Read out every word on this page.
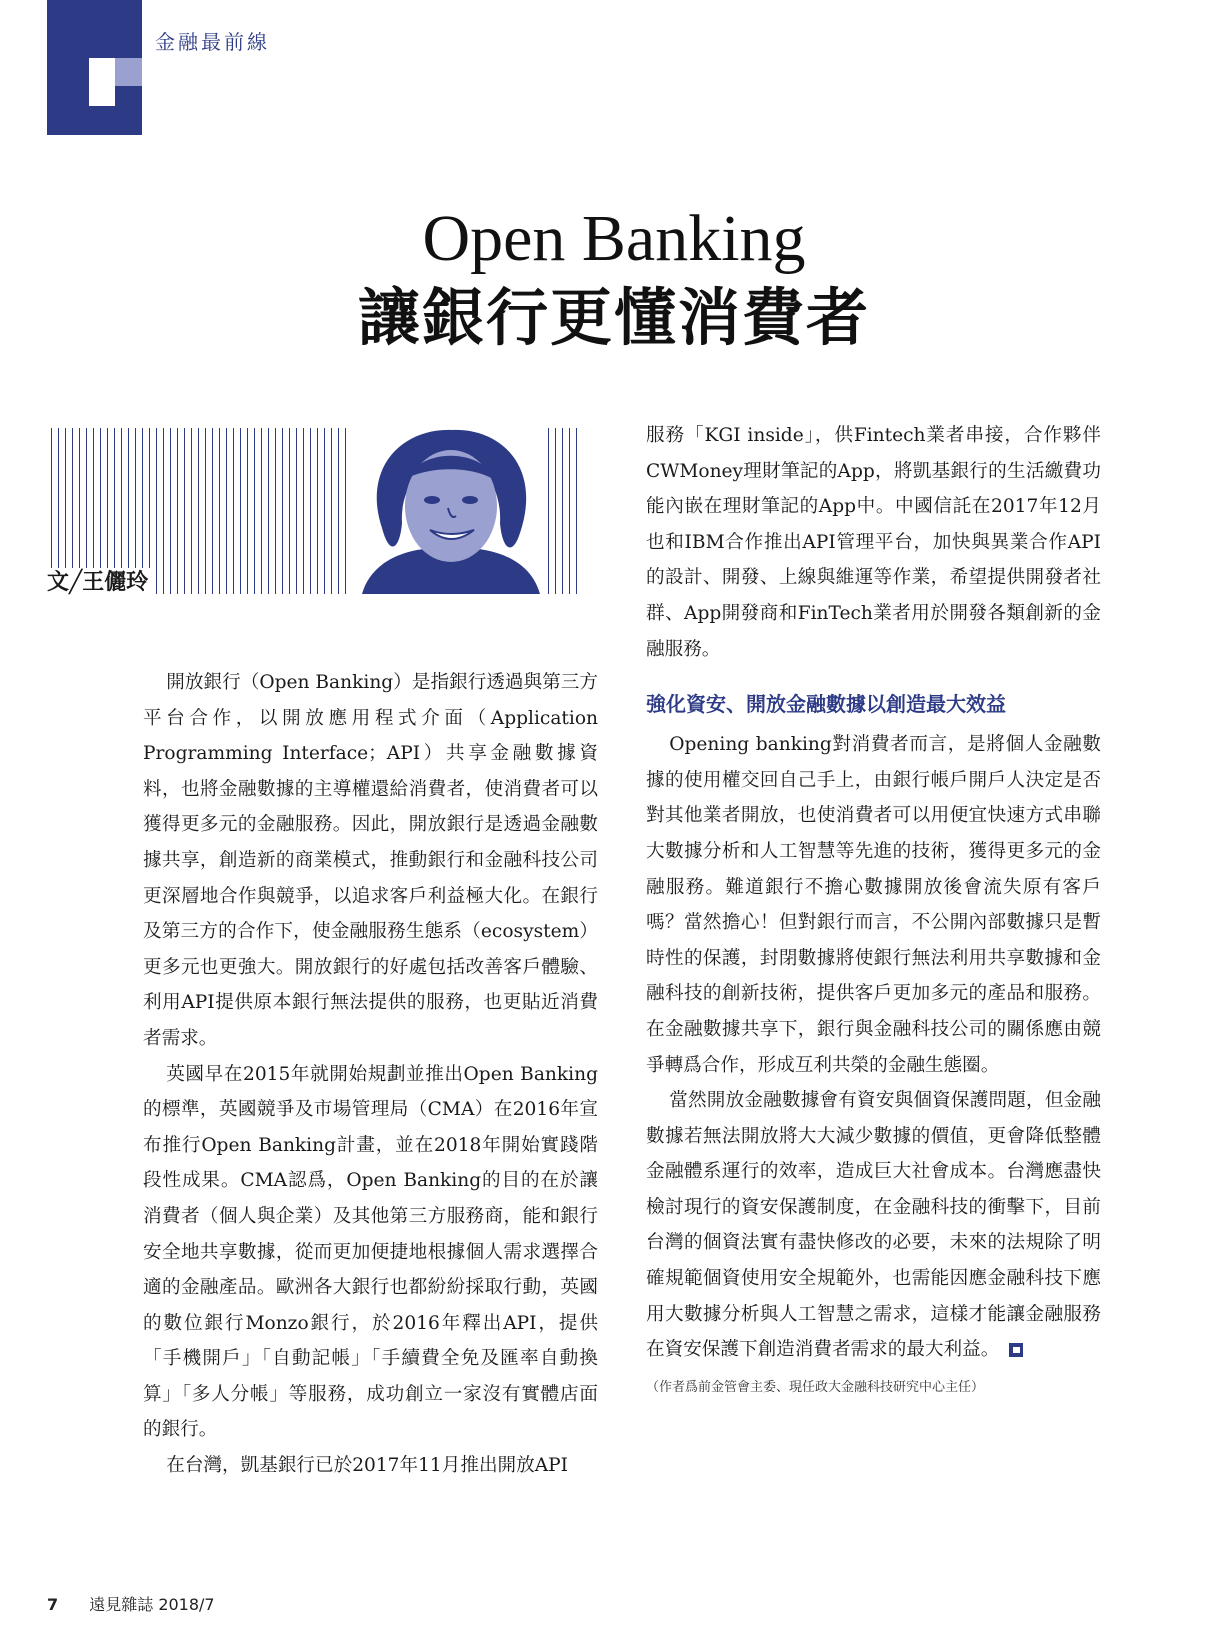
金融最前線
Open Banking
讓銀行更懂消費者
文╱王儷玲

開放銀行（Open Banking）是指銀行透過與第三方平台合作，以開放應用程式介面（Application Programming Interface；API）共享金融數據資料，也將金融數據的主導權還給消費者，使消費者可以獲得更多元的金融服務。因此，開放銀行是透過金融數據共享，創造新的商業模式，推動銀行和金融科技公司更深層地合作與競爭，以追求客戶利益極大化。在銀行及第三方的合作下，使金融服務生態系（ecosystem）更多元也更強大。開放銀行的好處包括改善客戶體驗、利用API提供原本銀行無法提供的服務，也更貼近消費者需求。

英國早在2015年就開始規劃並推出Open Banking的標準，英國競爭及市場管理局（CMA）在2016年宣布推行Open Banking計畫，並在2018年開始實踐階段性成果。CMA認爲，Open Banking的目的在於讓消費者（個人與企業）及其他第三方服務商，能和銀行安全地共享數據，從而更加便捷地根據個人需求選擇合適的金融產品。歐洲各大銀行也都紛紛採取行動，英國的數位銀行Monzo銀行，於2016年釋出API，提供「手機開戶」「自動記帳」「手續費全免及匯率自動換算」「多人分帳」等服務，成功創立一家沒有實體店面的銀行。

在台灣，凱基銀行已於2017年11月推出開放API

服務「KGI inside」，供Fintech業者串接，合作夥伴CWMoney理財筆記的App，將凱基銀行的生活繳費功能內嵌在理財筆記的App中。中國信託在2017年12月也和IBM合作推出API管理平台，加快與異業合作API的設計、開發、上線與維運等作業，希望提供開發者社群、App開發商和FinTech業者用於開發各類創新的金融服務。

強化資安、開放金融數據以創造最大效益

Opening banking對消費者而言，是將個人金融數據的使用權交回自己手上，由銀行帳戶開戶人決定是否對其他業者開放，也使消費者可以用便宜快速方式串聯大數據分析和人工智慧等先進的技術，獲得更多元的金融服務。難道銀行不擔心數據開放後會流失原有客戶嗎？當然擔心！但對銀行而言，不公開內部數據只是暫時性的保護，封閉數據將使銀行無法利用共享數據和金融科技的創新技術，提供客戶更加多元的產品和服務。在金融數據共享下，銀行與金融科技公司的關係應由競爭轉爲合作，形成互利共榮的金融生態圈。

當然開放金融數據會有資安與個資保護問題，但金融數據若無法開放將大大減少數據的價值，更會降低整體金融體系運行的效率，造成巨大社會成本。台灣應盡快檢討現行的資安保護制度，在金融科技的衝擊下，目前台灣的個資法實有盡快修改的必要，未來的法規除了明確規範個資使用安全規範外，也需能因應金融科技下應用大數據分析與人工智慧之需求，這樣才能讓金融服務在資安保護下創造消費者需求的最大利益。

（作者爲前金管會主委、現任政大金融科技研究中心主任）
7 遠見雜誌 2018/7
